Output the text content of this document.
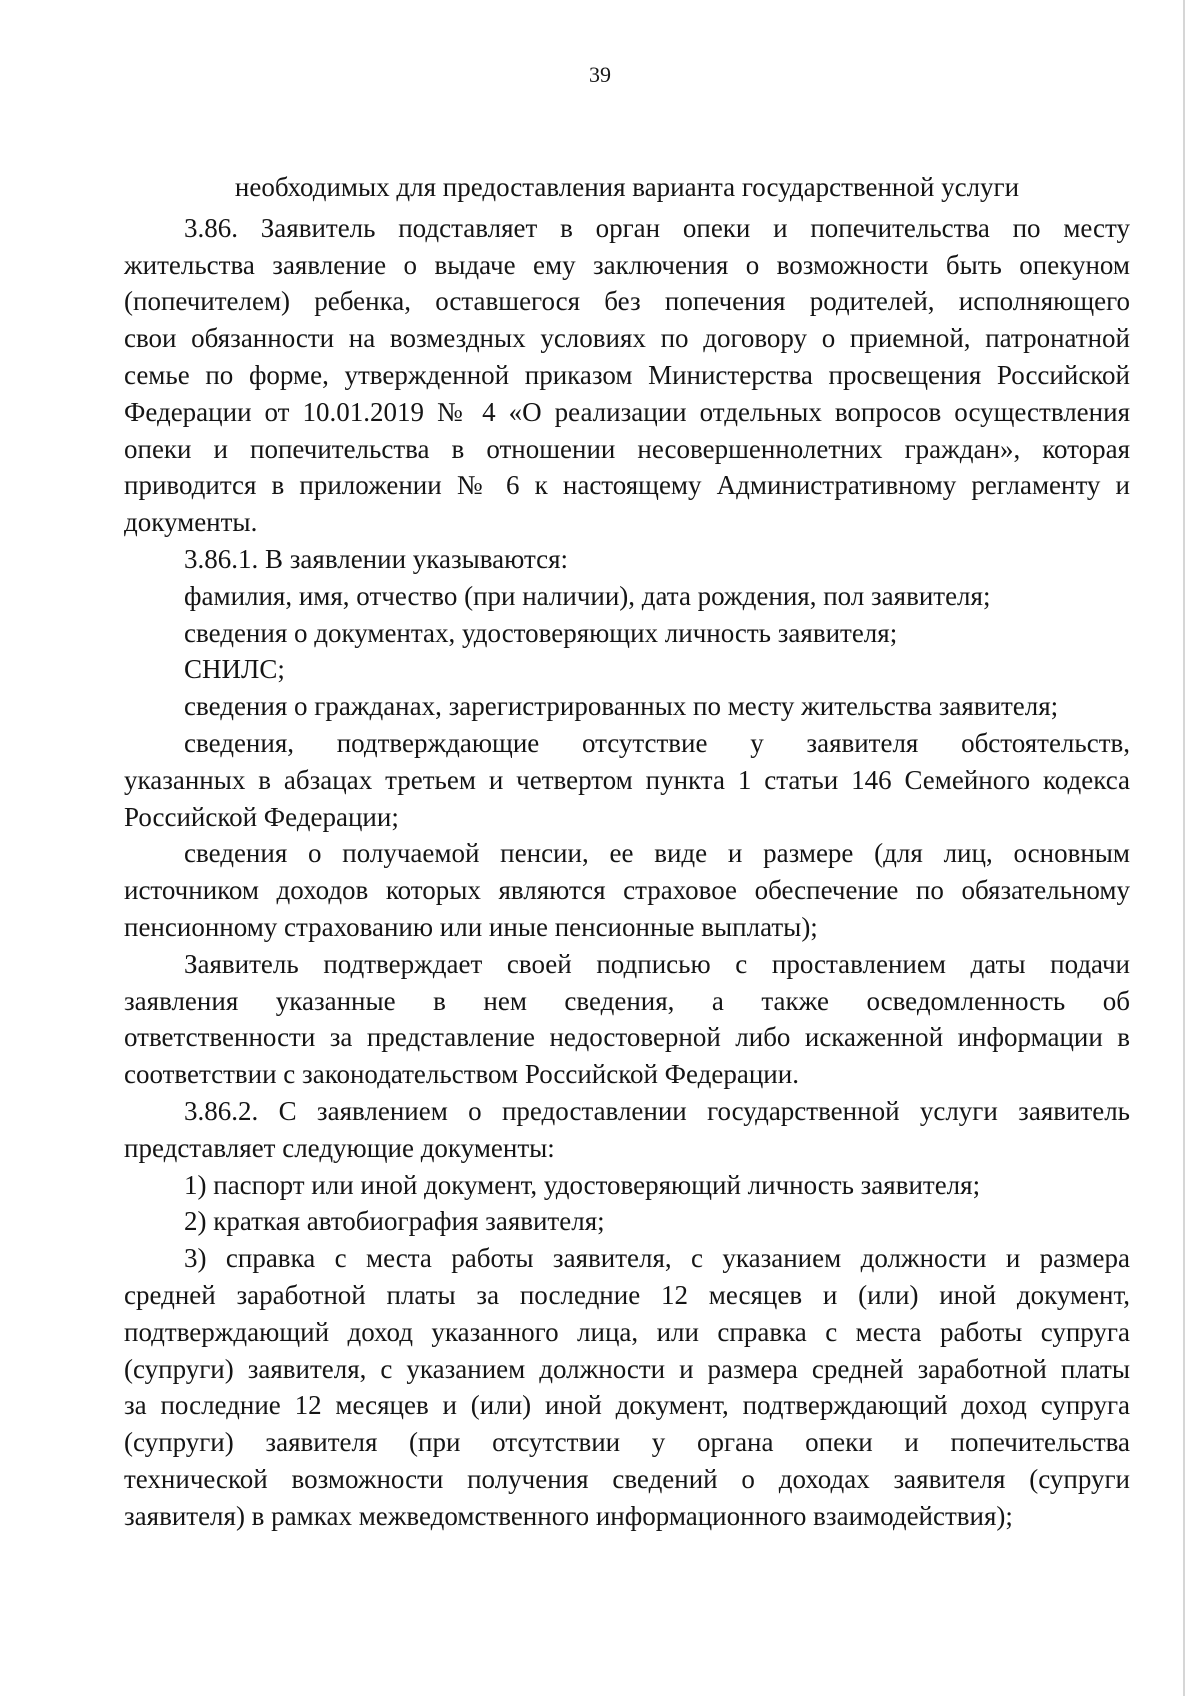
39
необходимых для предоставления варианта государственной услуги
3.86. Заявитель подставляет в орган опеки и попечительства по месту
жительства заявление о выдаче ему заключения о возможности быть опекуном
(попечителем) ребенка, оставшегося без попечения родителей, исполняющего
свои обязанности на возмездных условиях по договору о приемной, патронатной
семье по форме, утвержденной приказом Министерства просвещения Российской
Федерации от 10.01.2019 № 4 «О реализации отдельных вопросов осуществления
опеки и попечительства в отношении несовершеннолетних граждан», которая
приводится в приложении № 6 к настоящему Административному регламенту и
документы.
3.86.1. В заявлении указываются:
фамилия, имя, отчество (при наличии), дата рождения, пол заявителя;
сведения о документах, удостоверяющих личность заявителя;
СНИЛС;
сведения о гражданах, зарегистрированных по месту жительства заявителя;
сведения, подтверждающие отсутствие у заявителя обстоятельств,
указанных в абзацах третьем и четвертом пункта 1 статьи 146 Семейного кодекса
Российской Федерации;
сведения о получаемой пенсии, ее виде и размере (для лиц, основным
источником доходов которых являются страховое обеспечение по обязательному
пенсионному страхованию или иные пенсионные выплаты);
Заявитель подтверждает своей подписью с проставлением даты подачи
заявления указанные в нем сведения, а также осведомленность об
ответственности за представление недостоверной либо искаженной информации в
соответствии с законодательством Российской Федерации.
3.86.2. С заявлением о предоставлении государственной услуги заявитель
представляет следующие документы:
1) паспорт или иной документ, удостоверяющий личность заявителя;
2) краткая автобиография заявителя;
3) справка с места работы заявителя, с указанием должности и размера
средней заработной платы за последние 12 месяцев и (или) иной документ,
подтверждающий доход указанного лица, или справка с места работы супруга
(супруги) заявителя, с указанием должности и размера средней заработной платы
за последние 12 месяцев и (или) иной документ, подтверждающий доход супруга
(супруги) заявителя (при отсутствии у органа опеки и попечительства
технической возможности получения сведений о доходах заявителя (супруги
заявителя) в рамках межведомственного информационного взаимодействия);
